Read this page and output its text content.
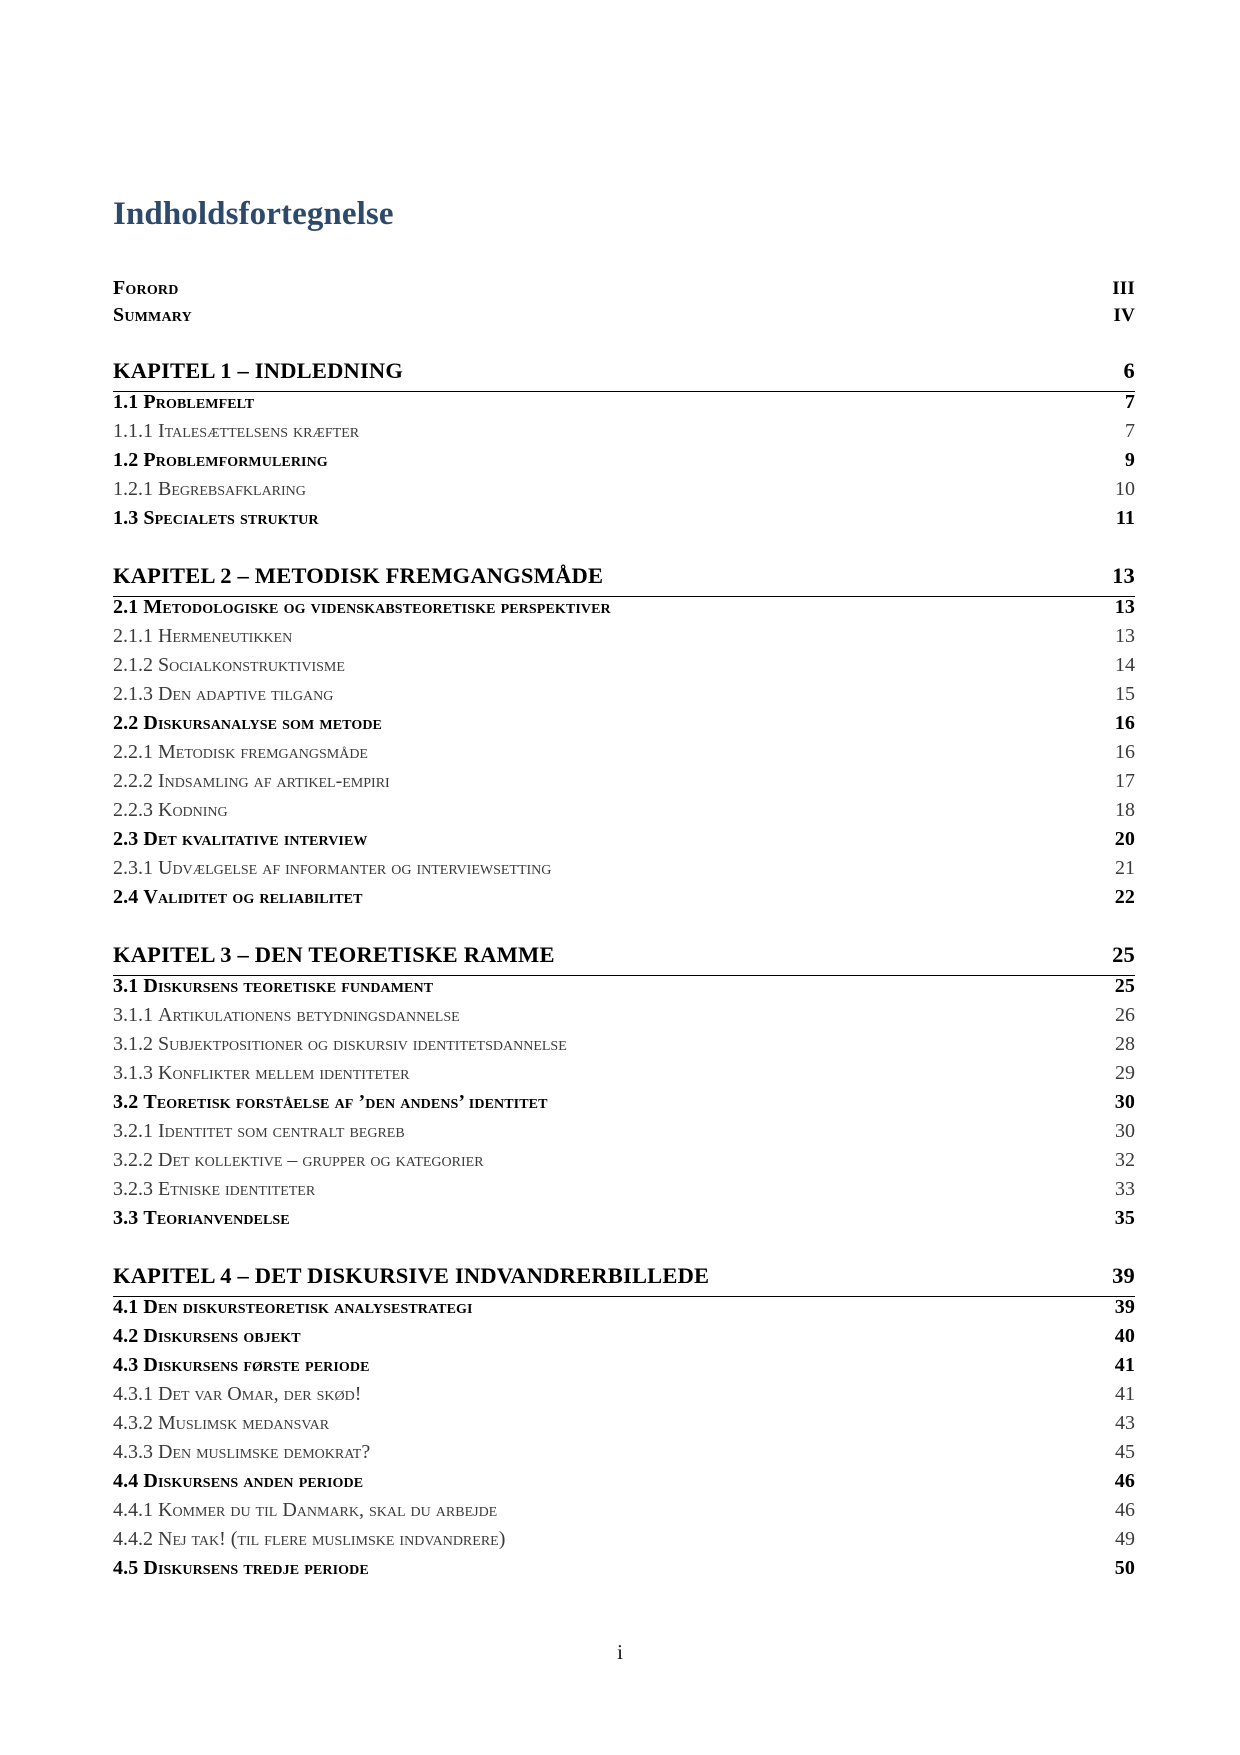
Indholdsfortegnelse
Forord	III
Summary	IV
KAPITEL 1 – INDLEDNING	6
1.1 Problemfelt	7
1.1.1 Italesættelsens kræfter	7
1.2 Problemformulering	9
1.2.1 Begrebsafklaring	10
1.3 Specialets struktur	11
KAPITEL 2 – METODISK FREMGANGSMÅDE	13
2.1 Metodologiske og videnskabsteoretiske perspektiver	13
2.1.1 Hermeneutikken	13
2.1.2 Socialkonstruktivisme	14
2.1.3 Den adaptive tilgang	15
2.2 Diskursanalyse som metode	16
2.2.1 Metodisk fremgangsmåde	16
2.2.2 Indsamling af artikel-empiri	17
2.2.3 Kodning	18
2.3 Det kvalitative interview	20
2.3.1 Udvælgelse af informanter og interviewsetting	21
2.4 Validitet og reliabilitet	22
KAPITEL 3 – DEN TEORETISKE RAMME	25
3.1 Diskursens teoretiske fundament	25
3.1.1 Artikulationens betydningsdannelse	26
3.1.2 Subjektpositioner og diskursiv identitetsdannelse	28
3.1.3 Konflikter mellem identiteter	29
3.2 Teoretisk forståelse af ’den andens’ identitet	30
3.2.1 Identitet som centralt begreb	30
3.2.2 Det kollektive – grupper og kategorier	32
3.2.3 Etniske identiteter	33
3.3 Teorianvendelse	35
KAPITEL 4 – DET DISKURSIVE INDVANDRERBILLEDE	39
4.1 Den diskursteoretisk analysestrategi	39
4.2 Diskursens objekt	40
4.3 Diskursens første periode	41
4.3.1 Det var Omar, der skød!	41
4.3.2 Muslimsk medansvar	43
4.3.3 Den muslimske demokrat?	45
4.4 Diskursens anden periode	46
4.4.1 Kommer du til Danmark, skal du arbejde	46
4.4.2 Nej tak! (til flere muslimske indvandrere)	49
4.5 Diskursens tredje periode	50
i
